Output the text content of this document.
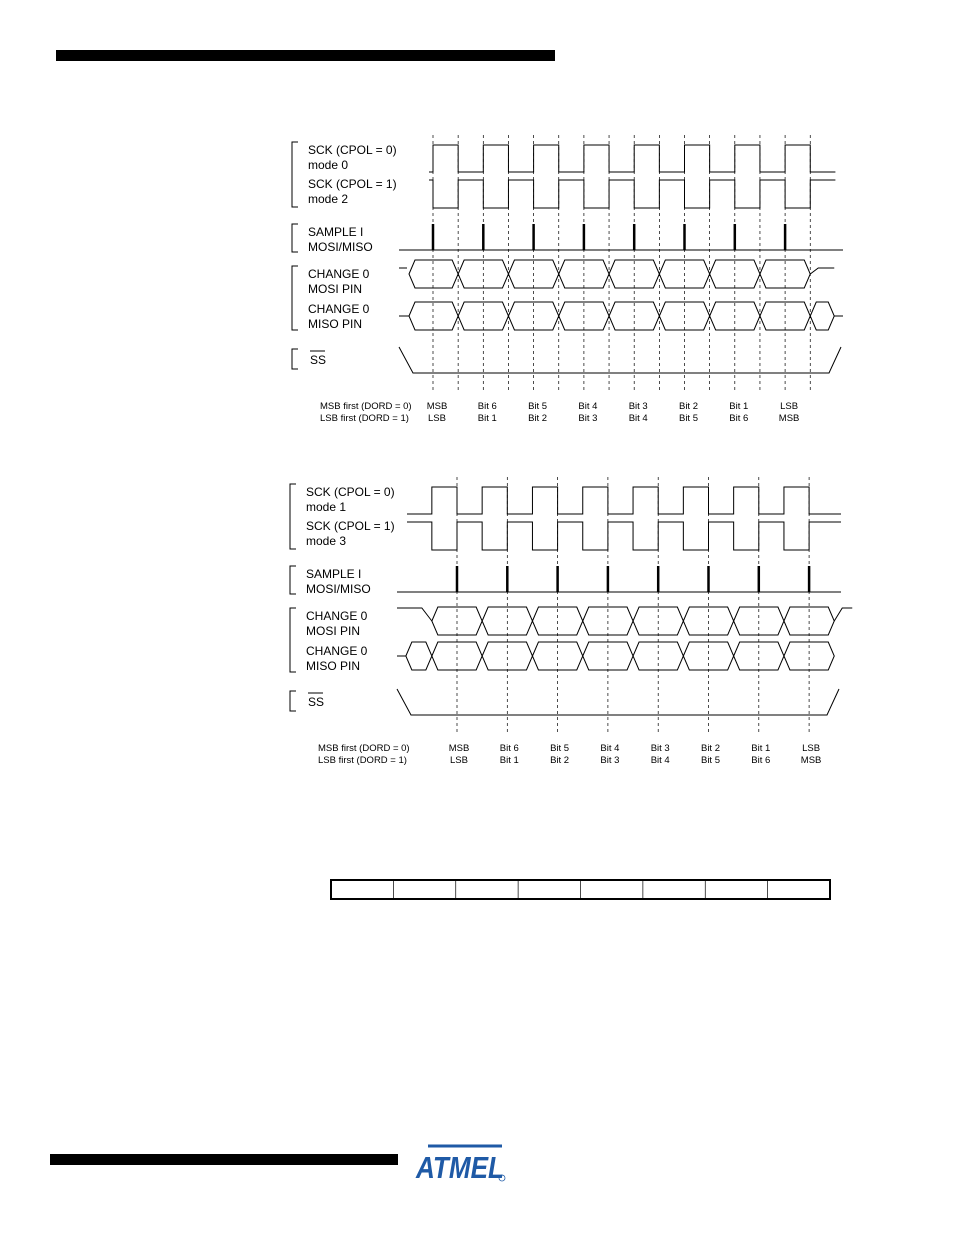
SCK (CPOL = 0)
mode 0
SCK (CPOL = 1)
mode 2
SAMPLE I
MOSI/MISO
CHANGE 0
MOSI PIN
CHANGE 0
MISO PIN
SS
MSB first (DORD = 0)
LSB first (DORD = 1)
MSB	Bit 6	Bit 5	Bit 4	Bit 3	Bit 2	Bit 1	LSB
LSB	Bit 1	Bit 2	Bit 3	Bit 4	Bit 5	Bit 6	MSB
SCK (CPOL = 0)
mode 1
SCK (CPOL = 1)
mode 3
SAMPLE I
MOSI/MISO
CHANGE 0
MOSI PIN
CHANGE 0
MISO PIN
SS
MSB first (DORD = 0)
LSB first (DORD = 1)
MSB	Bit 6	Bit 5	Bit 4	Bit 3	Bit 2	Bit 1	LSB
LSB	Bit 1	Bit 2	Bit 3	Bit 4	Bit 5	Bit 6	MSB
ATMEL
